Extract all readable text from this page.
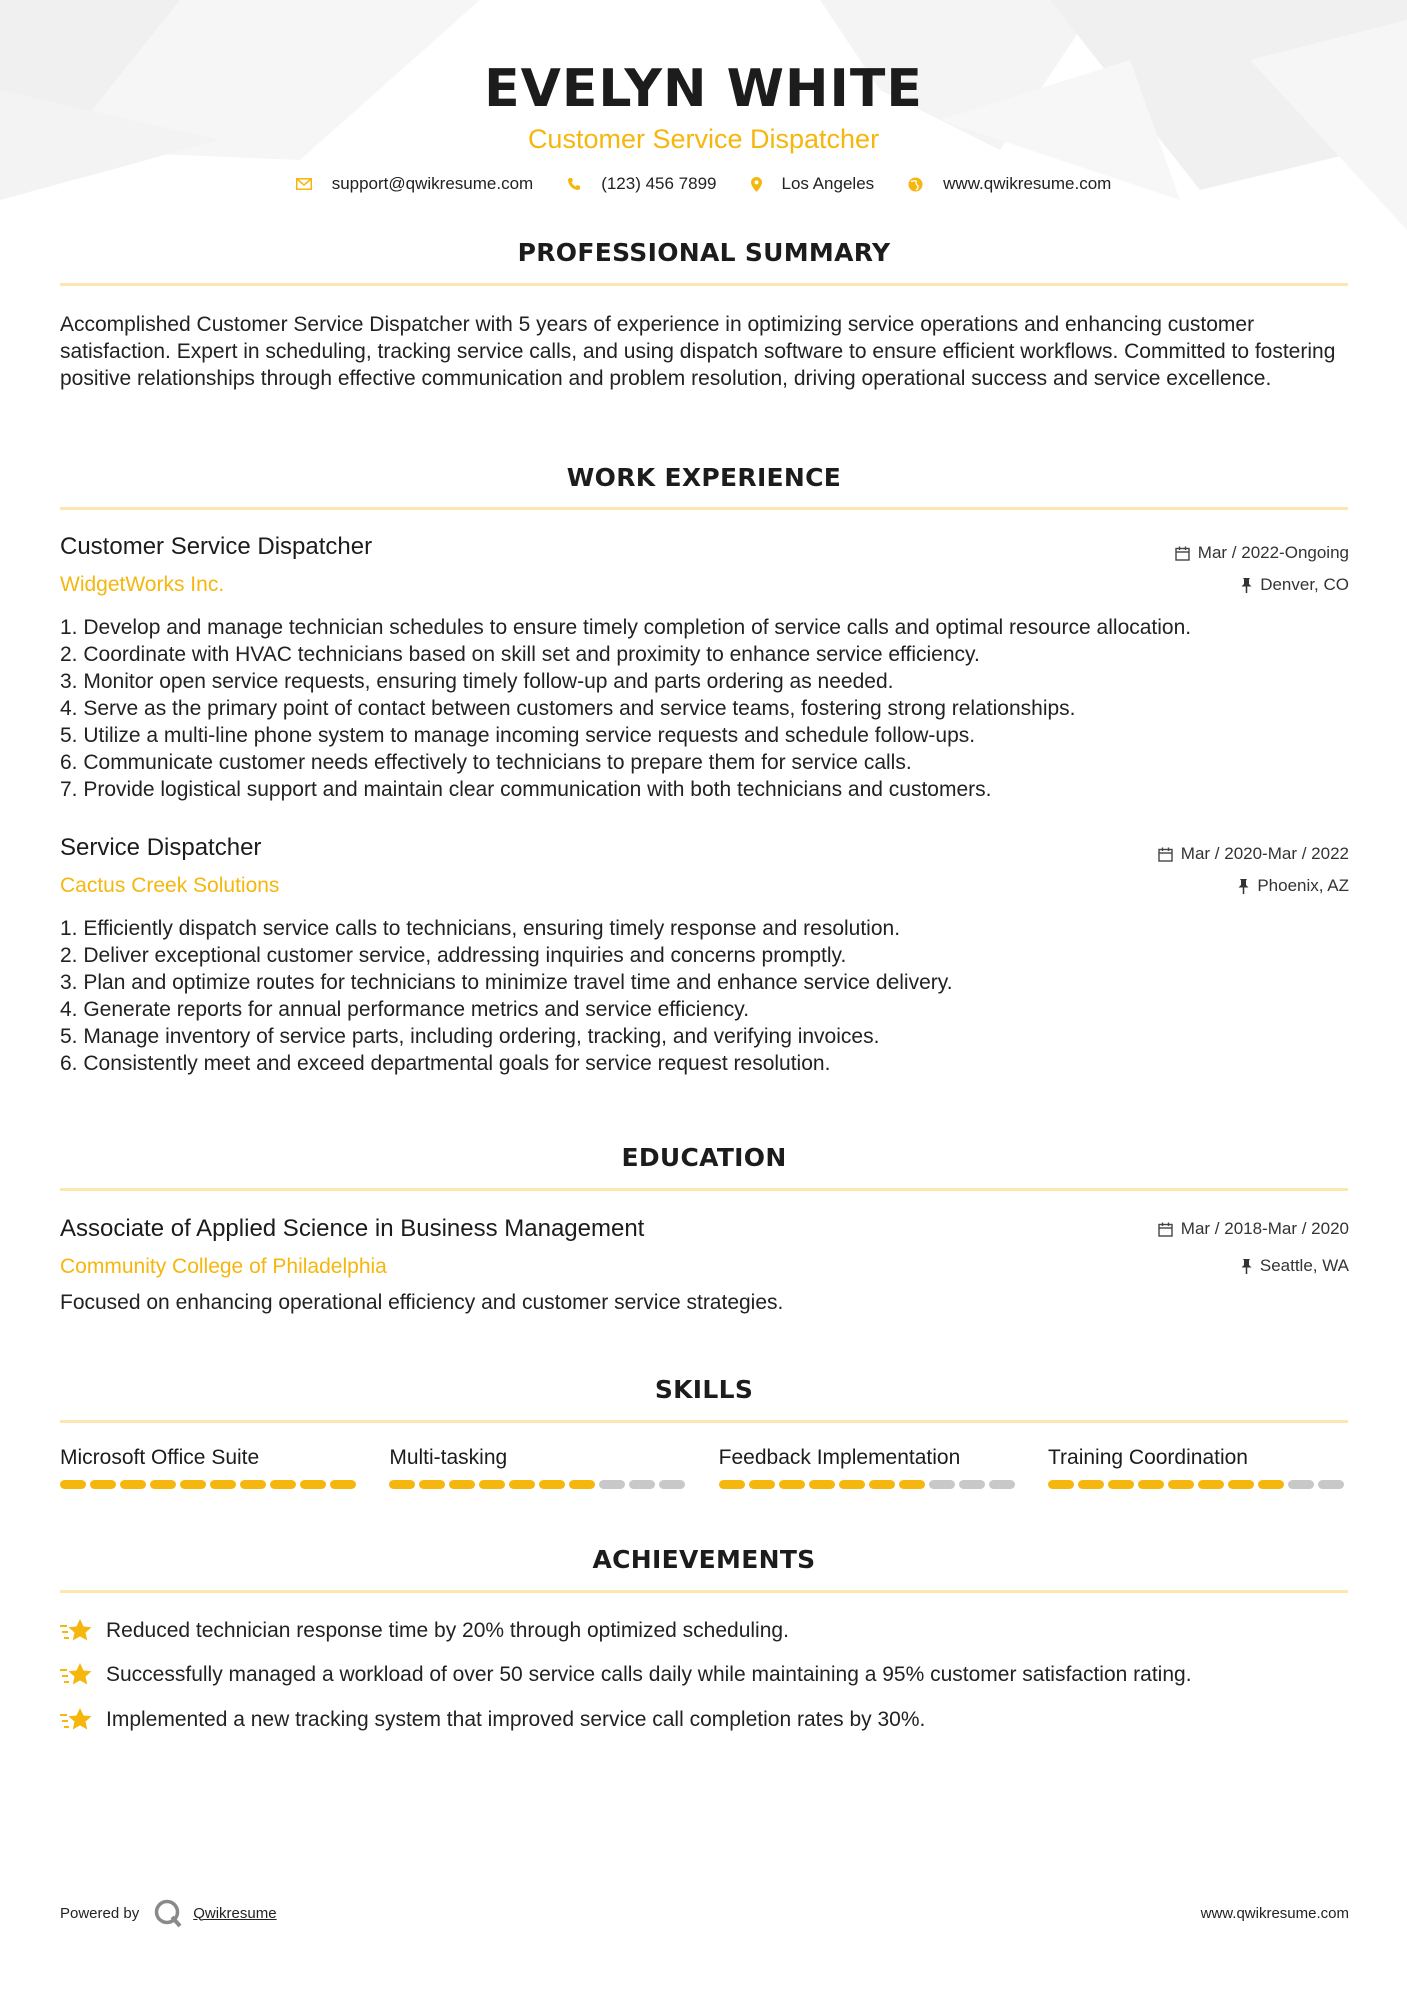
EVELYN WHITE
Customer Service Dispatcher
support@qwikresume.com	(123) 456 7899	Los Angeles	www.qwikresume.com
PROFESSIONAL SUMMARY
Accomplished Customer Service Dispatcher with 5 years of experience in optimizing service operations and enhancing customer satisfaction. Expert in scheduling, tracking service calls, and using dispatch software to ensure efficient workflows. Committed to fostering positive relationships through effective communication and problem resolution, driving operational success and service excellence.
WORK EXPERIENCE
Customer Service Dispatcher
WidgetWorks Inc.
Mar / 2022-Ongoing
Denver, CO
1. Develop and manage technician schedules to ensure timely completion of service calls and optimal resource allocation.
2. Coordinate with HVAC technicians based on skill set and proximity to enhance service efficiency.
3. Monitor open service requests, ensuring timely follow-up and parts ordering as needed.
4. Serve as the primary point of contact between customers and service teams, fostering strong relationships.
5. Utilize a multi-line phone system to manage incoming service requests and schedule follow-ups.
6. Communicate customer needs effectively to technicians to prepare them for service calls.
7. Provide logistical support and maintain clear communication with both technicians and customers.
Service Dispatcher
Cactus Creek Solutions
Mar / 2020-Mar / 2022
Phoenix, AZ
1. Efficiently dispatch service calls to technicians, ensuring timely response and resolution.
2. Deliver exceptional customer service, addressing inquiries and concerns promptly.
3. Plan and optimize routes for technicians to minimize travel time and enhance service delivery.
4. Generate reports for annual performance metrics and service efficiency.
5. Manage inventory of service parts, including ordering, tracking, and verifying invoices.
6. Consistently meet and exceed departmental goals for service request resolution.
EDUCATION
Associate of Applied Science in Business Management
Community College of Philadelphia
Mar / 2018-Mar / 2020
Seattle, WA
Focused on enhancing operational efficiency and customer service strategies.
SKILLS
Microsoft Office Suite	Multi-tasking	Feedback Implementation	Training Coordination
ACHIEVEMENTS
Reduced technician response time by 20% through optimized scheduling.
Successfully managed a workload of over 50 service calls daily while maintaining a 95% customer satisfaction rating.
Implemented a new tracking system that improved service call completion rates by 30%.
Powered by	Qwikresume	www.qwikresume.com
